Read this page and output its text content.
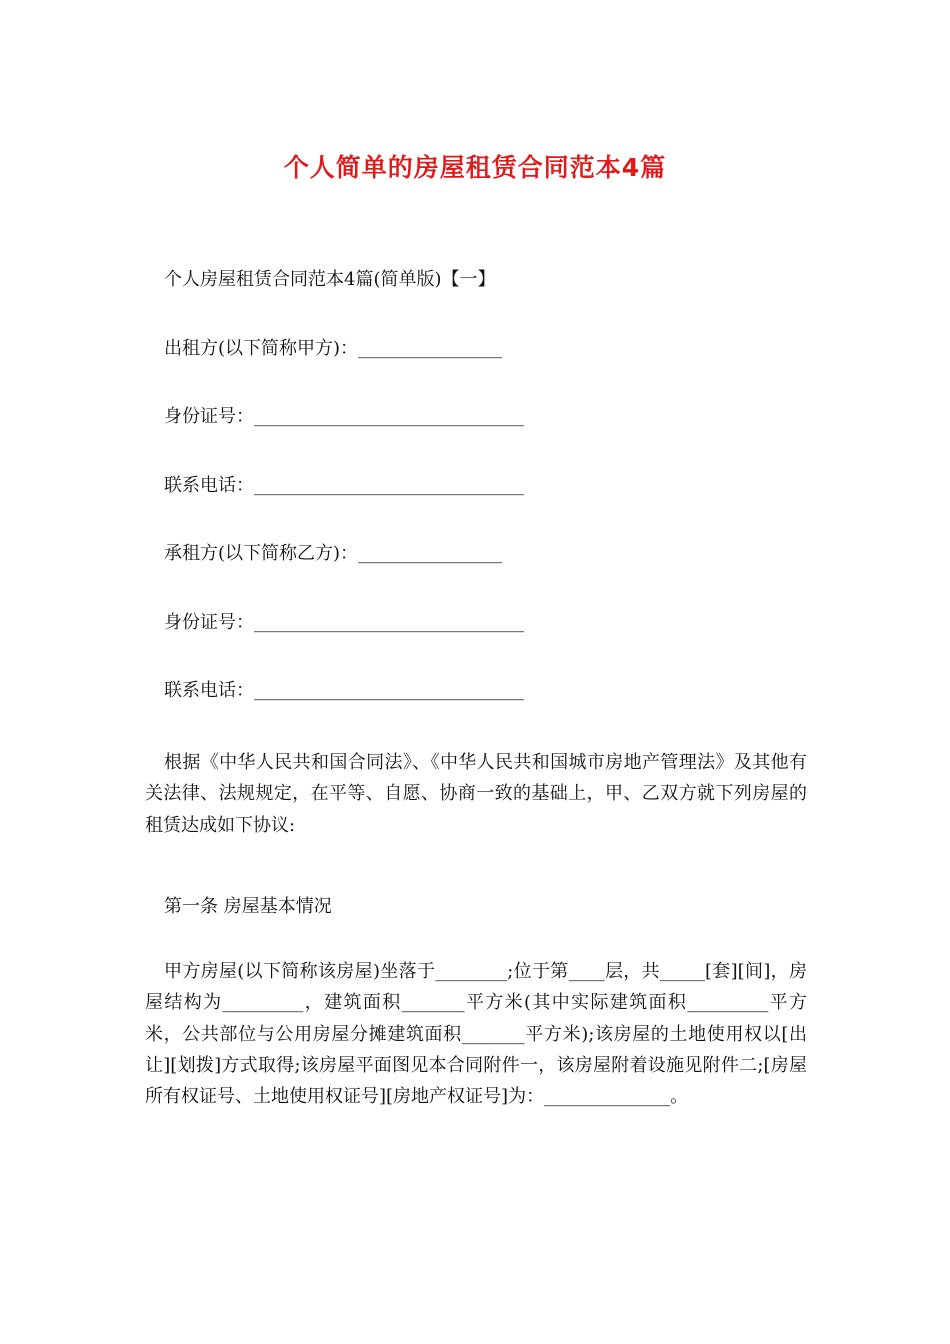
个人简单的房屋租赁合同范本4篇
个人房屋租赁合同范本4篇(简单版)【一】
出租方(以下简称甲方)：________________
身份证号：______________________________
联系电话：______________________________
承租方(以下简称乙方)：________________
身份证号：______________________________
联系电话：______________________________

根据《中华人民共和国合同法》、《中华人民共和国城市房地产管理法》及其他有关法律、法规规定，在平等、自愿、协商一致的基础上，甲、乙双方就下列房屋的租赁达成如下协议:

第一条 房屋基本情况

甲方房屋(以下简称该房屋)坐落于________;位于第____层，共_____[套][间]，房屋结构为_________，建筑面积_______平方米(其中实际建筑面积_________平方米，公共部位与公用房屋分摊建筑面积_______平方米);该房屋的土地使用权以[出让][划拨]方式取得;该房屋平面图见本合同附件一，该房屋附着设施见附件二;[房屋所有权证号、土地使用权证号][房地产权证号]为：______________。
